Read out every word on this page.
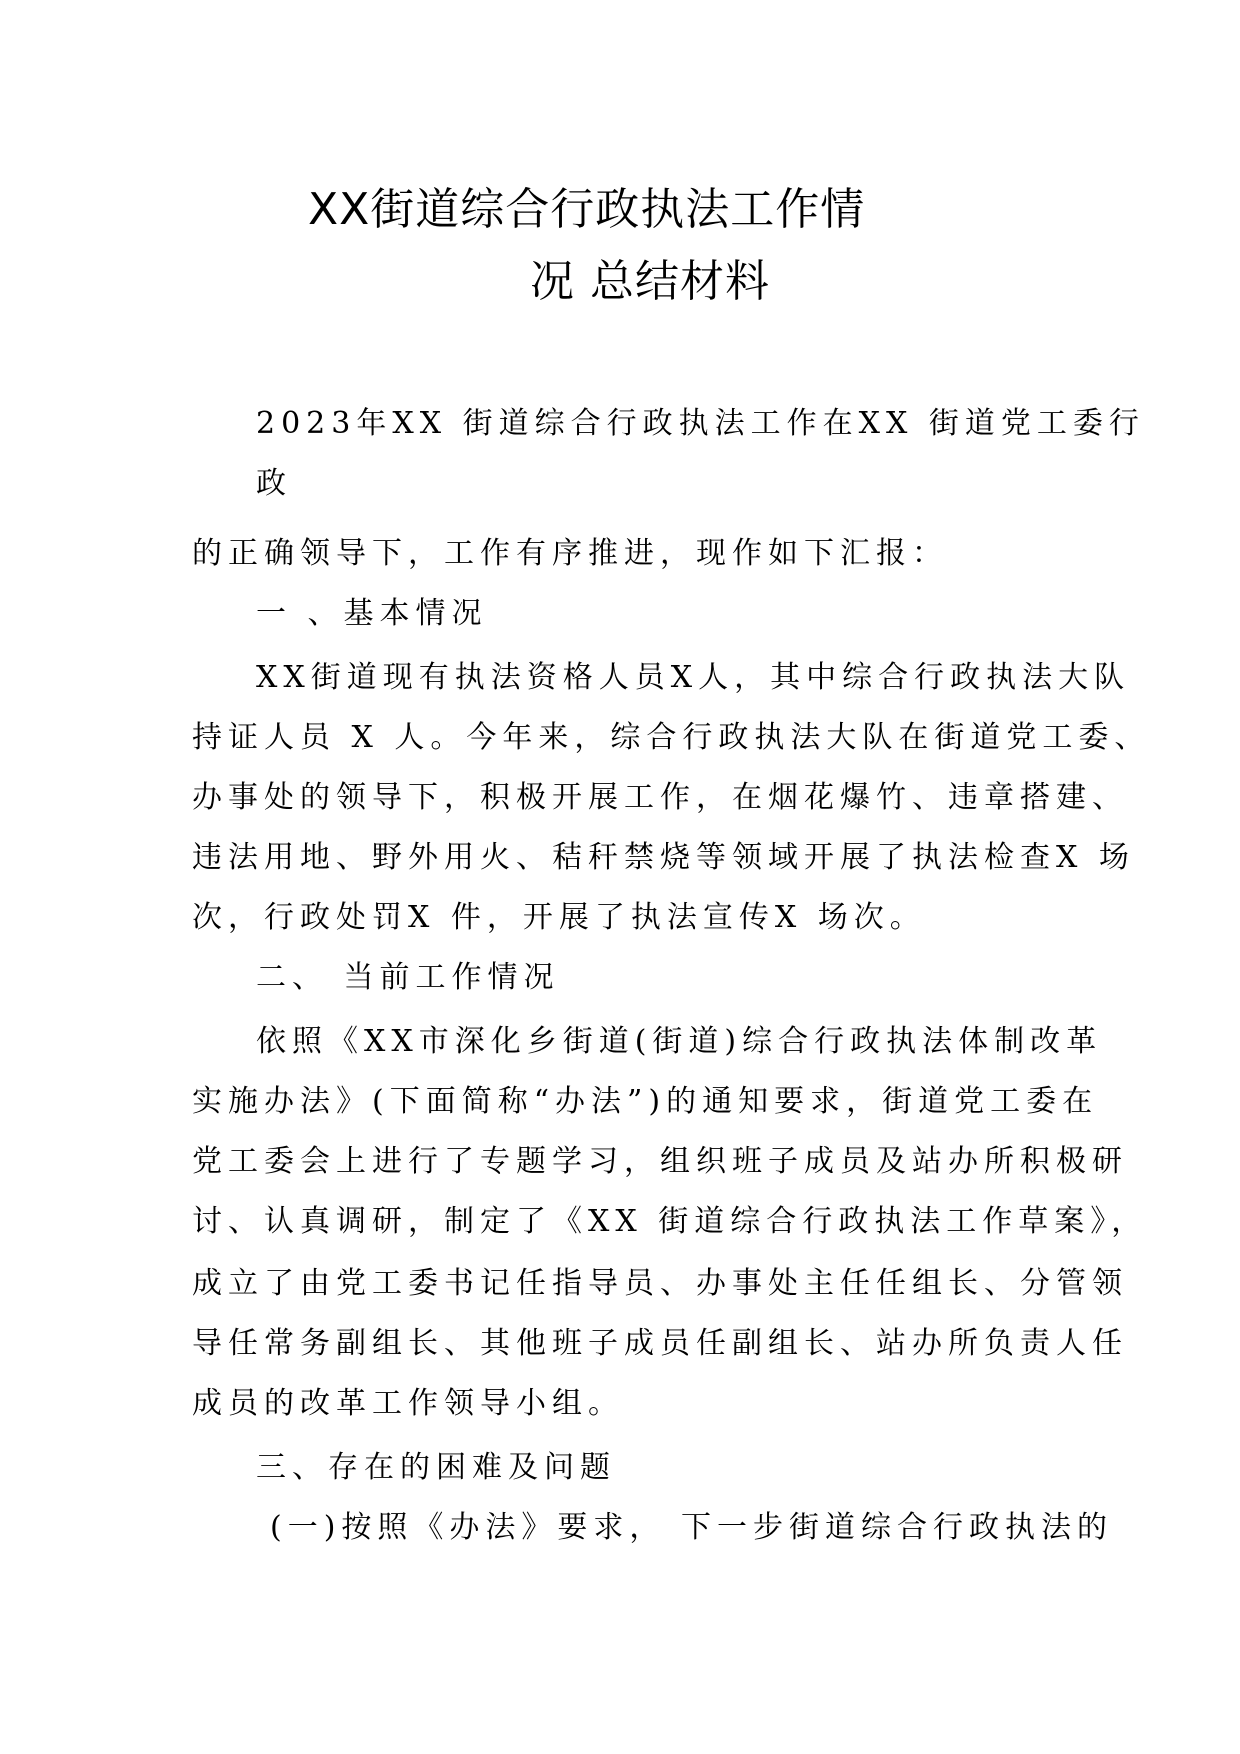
XX街道综合行政执法工作情
况 总结材料
2023年XX 街道综合行政执法工作在XX 街道党工委行
政
的正确领导下，工作有序推进，现作如下汇报：
一 、基本情况
XX街道现有执法资格人员X人，其中综合行政执法大队
持证人员 X 人。今年来，综合行政执法大队在街道党工委、
办事处的领导下，积极开展工作，在烟花爆竹、违章搭建、
违法用地、野外用火、秸秆禁烧等领域开展了执法检查X 场
次，行政处罚X 件，开展了执法宣传X 场次。
二、 当前工作情况
依照《XX市深化乡街道(街道)综合行政执法体制改革
实施办法》(下面简称“办法”)的通知要求，街道党工委在
党工委会上进行了专题学习，组织班子成员及站办所积极研
讨、认真调研，制定了《XX 街道综合行政执法工作草案》，
成立了由党工委书记任指导员、办事处主任任组长、分管领
导任常务副组长、其他班子成员任副组长、站办所负责人任
成员的改革工作领导小组。
三、存在的困难及问题
(一)按照《办法》要求， 下一步街道综合行政执法的
